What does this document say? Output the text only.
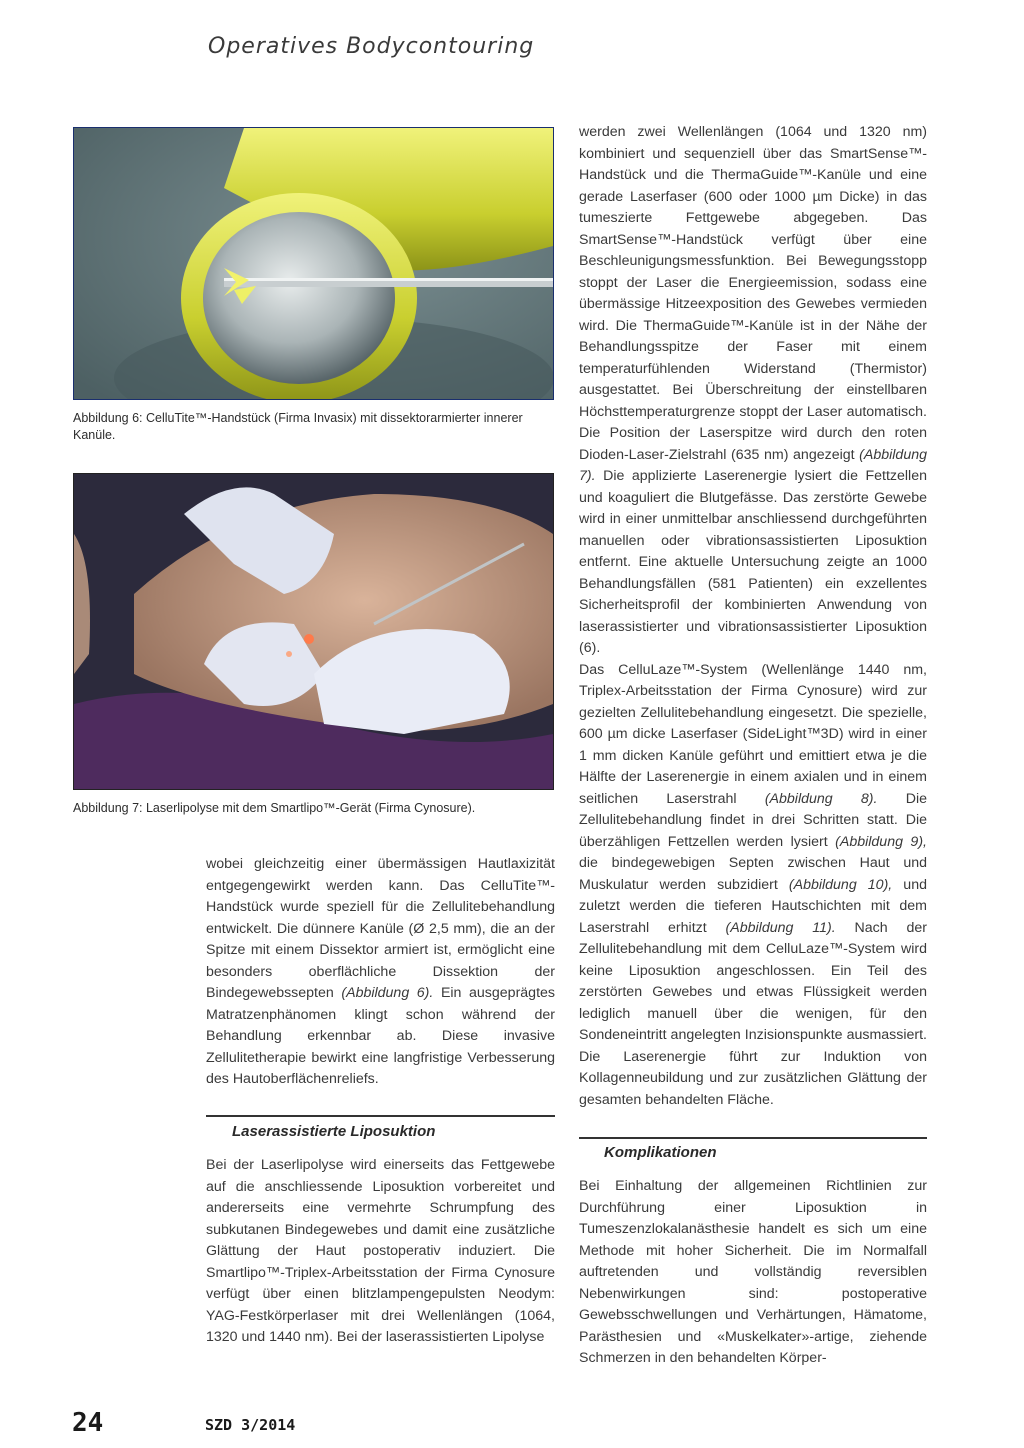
Operatives Bodycontouring
Abbildung 6: CelluTite™-Handstück (Firma Invasix) mit dissektorarmierter innerer Kanüle.
Abbildung 7: Laserlipolyse mit dem Smartlipo™-Gerät (Firma Cynosure).

wobei gleichzeitig einer übermässigen Hautlaxizität entgegengewirkt werden kann. Das CelluTite™-Handstück wurde speziell für die Zellulitebehandlung entwickelt. Die dünnere Kanüle (Ø 2,5 mm), die an der Spitze mit einem Dissektor armiert ist, ermöglicht eine besonders oberflächliche Dissektion der Bindegewebssepten (Abbildung 6). Ein ausgeprägtes Matratzenphänomen klingt schon während der Behandlung erkennbar ab. Diese invasive Zellulitetherapie bewirkt eine langfristige Verbesserung des Hautoberflächenreliefs.

Laserassistierte Liposuktion

Bei der Laserlipolyse wird einerseits das Fettgewebe auf die anschliessende Liposuktion vorbereitet und andererseits eine vermehrte Schrumpfung des subkutanen Bindegewebes und damit eine zusätzliche Glättung der Haut postoperativ induziert. Die Smartlipo™-Triplex-Arbeitsstation der Firma Cynosure verfügt über einen blitzlampengepulsten Neodym: YAG-Festkörperlaser mit drei Wellenlängen (1064, 1320 und 1440 nm). Bei der laserassistierten Lipolyse

werden zwei Wellenlängen (1064 und 1320 nm) kombiniert und sequenziell über das SmartSense™-Handstück und die ThermaGuide™-Kanüle und eine gerade Laserfaser (600 oder 1000 µm Dicke) in das tumeszierte Fettgewebe abgegeben. Das SmartSense™-Handstück verfügt über eine Beschleunigungsmessfunktion. Bei Bewegungsstopp stoppt der Laser die Energieemission, sodass eine übermässige Hitzeexposition des Gewebes vermieden wird. Die ThermaGuide™-Kanüle ist in der Nähe der Behandlungsspitze der Faser mit einem temperaturfühlenden Widerstand (Thermistor) ausgestattet. Bei Überschreitung der einstellbaren Höchsttemperaturgrenze stoppt der Laser automatisch. Die Position der Laserspitze wird durch den roten Dioden-Laser-Zielstrahl (635 nm) angezeigt (Abbildung 7). Die applizierte Laserenergie lysiert die Fettzellen und koaguliert die Blutgefässe. Das zerstörte Gewebe wird in einer unmittelbar anschliessend durchgeführten manuellen oder vibrationsassistierten Liposuktion entfernt. Eine aktuelle Untersuchung zeigte an 1000 Behandlungsfällen (581 Patienten) ein exzellentes Sicherheitsprofil der kombinierten Anwendung von laserassistierter und vibrationsassistierter Liposuktion (6).

Das CelluLaze™-System (Wellenlänge 1440 nm, Triplex-Arbeitsstation der Firma Cynosure) wird zur gezielten Zellulitebehandlung eingesetzt. Die spezielle, 600 µm dicke Laserfaser (SideLight™3D) wird in einer 1 mm dicken Kanüle geführt und emittiert etwa je die Hälfte der Laserenergie in einem axialen und in einem seitlichen Laserstrahl (Abbildung 8). Die Zellulitebehandlung findet in drei Schritten statt. Die überzähligen Fettzellen werden lysiert (Abbildung 9), die bindegewebigen Septen zwischen Haut und Muskulatur werden subzidiert (Abbildung 10), und zuletzt werden die tieferen Hautschichten mit dem Laserstrahl erhitzt (Abbildung 11). Nach der Zellulitebehandlung mit dem CelluLaze™-System wird keine Liposuktion angeschlossen. Ein Teil des zerstörten Gewebes und etwas Flüssigkeit werden lediglich manuell über die wenigen, für den Sondeneintritt angelegten Inzisionspunkte ausmassiert. Die Laserenergie führt zur Induktion von Kollagenneubildung und zur zusätzlichen Glättung der gesamten behandelten Fläche.

Komplikationen

Bei Einhaltung der allgemeinen Richtlinien zur Durchführung einer Liposuktion in Tumeszenzlokalanästhesie handelt es sich um eine Methode mit hoher Sicherheit. Die im Normalfall auftretenden und vollständig reversiblen Nebenwirkungen sind: postoperative Gewebsschwellungen und Verhärtungen, Hämatome, Parästhesien und «Muskelkater»-artige, ziehende Schmerzen in den behandelten Körper-

24	SZD 3/2014
